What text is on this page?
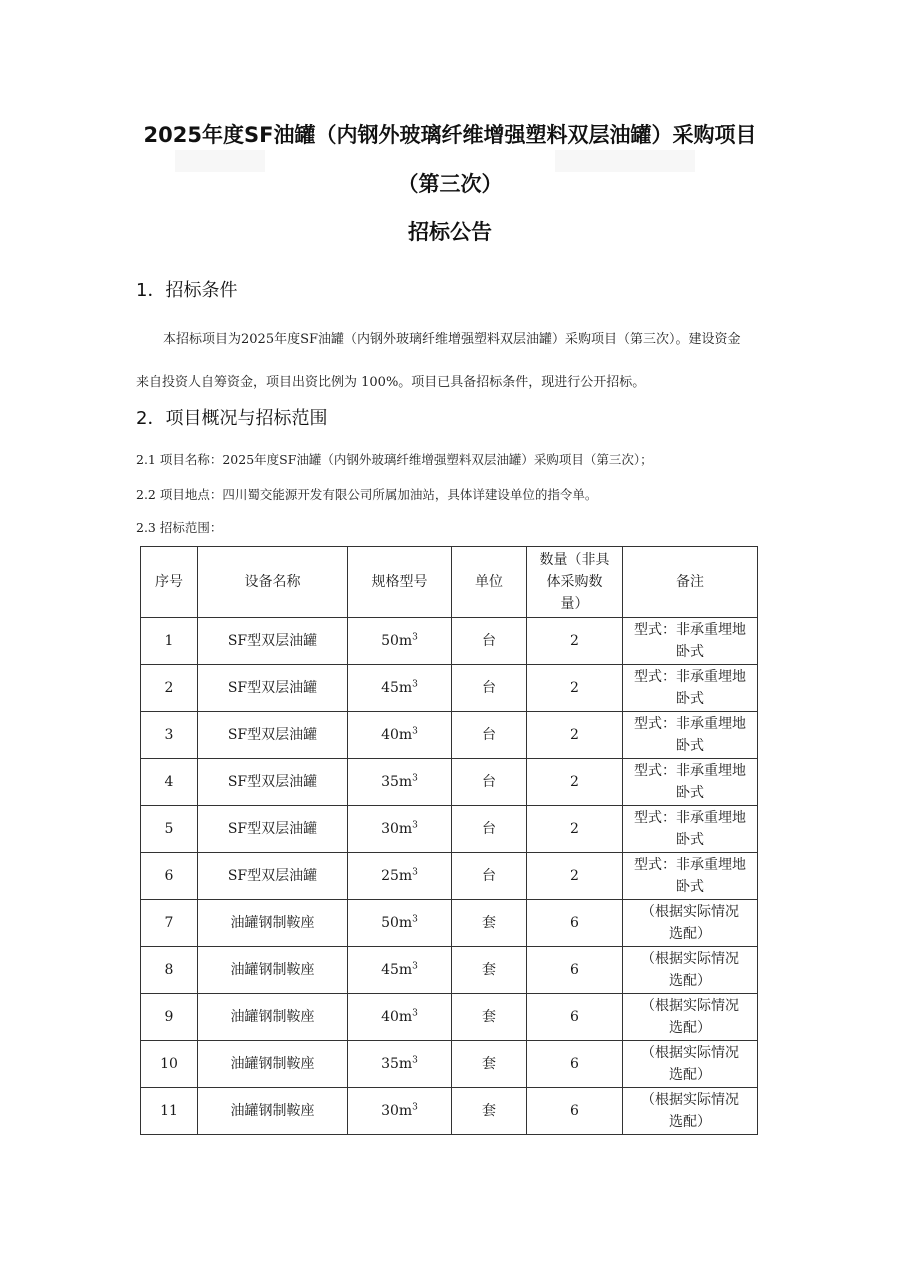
2025年度SF油罐（内钢外玻璃纤维增强塑料双层油罐）采购项目
（第三次）
招标公告
1．招标条件
本招标项目为2025年度SF油罐（内钢外玻璃纤维增强塑料双层油罐）采购项目（第三次）。建设资金
来自投资人自筹资金，项目出资比例为 100%。项目已具备招标条件，现进行公开招标。
2．项目概况与招标范围
2.1 项目名称：2025年度SF油罐（内钢外玻璃纤维增强塑料双层油罐）采购项目（第三次）；
2.2 项目地点：四川蜀交能源开发有限公司所属加油站，具体详建设单位的指令单。
2.3 招标范围：
序号	设备名称	规格型号	单位	数量（非具
体采购数
量）	备注
1	SF型双层油罐	$50m^3$	台	2	型式：非承重埋地
卧式

2	SF型双层油罐	$45m^3$	台	2	型式：非承重埋地
卧式

3	SF型双层油罐	$40m^3$	台	2	型式：非承重埋地
卧式

4	SF型双层油罐	$35m^3$	台	2	型式：非承重埋地
卧式

5	SF型双层油罐	$30m^3$	台	2	型式：非承重埋地
卧式

6	SF型双层油罐	$25m^3$	台	2	型式：非承重埋地
卧式

7	油罐钢制鞍座	$50m^3$	套	6	（根据实际情况
选配）

8	油罐钢制鞍座	$45m^3$	套	6	（根据实际情况
选配）

9	油罐钢制鞍座	$40m^3$	套	6	（根据实际情况
选配）

10	油罐钢制鞍座	$35m^3$	套	6	（根据实际情况
选配）

11	油罐钢制鞍座	$30m^3$	套	6	（根据实际情况
选配）
